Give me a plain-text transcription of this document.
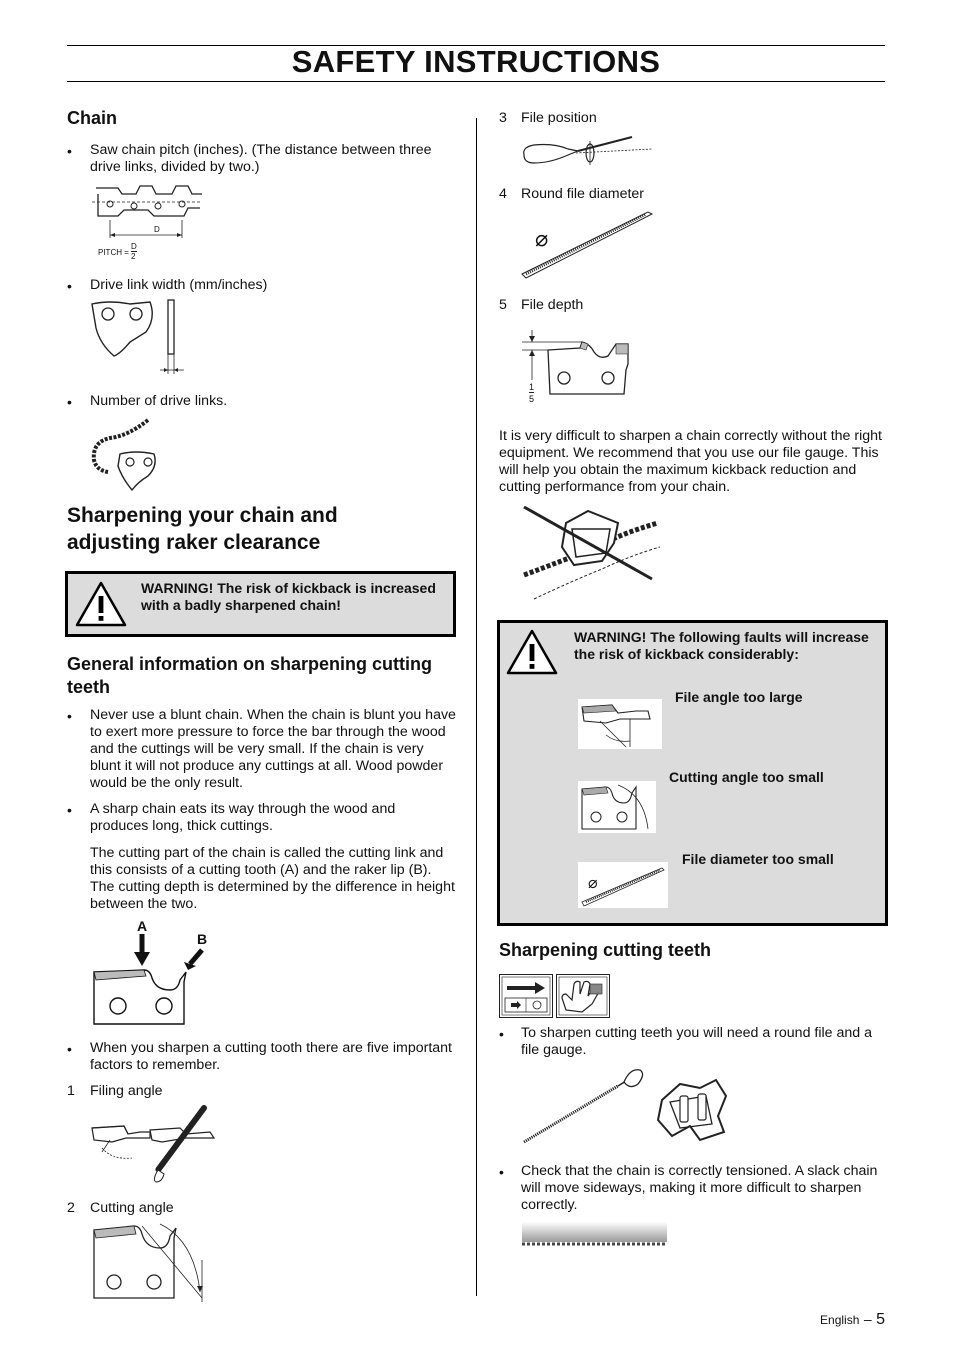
SAFETY INSTRUCTIONS
Chain
• Saw chain pitch (inches). (The distance between three drive links, divided by two.)
D
PITCH =
D
2
• Drive link width (mm/inches)
• Number of drive links.
Sharpening your chain and
adjusting raker clearance
WARNING! The risk of kickback is increased with a badly sharpened chain!
General information on sharpening cutting teeth
• Never use a blunt chain. When the chain is blunt you have to exert more pressure to force the bar through the wood and the cuttings will be very small. If the chain is very blunt it will not produce any cuttings at all. Wood powder would be the only result.
• A sharp chain eats its way through the wood and produces long, thick cuttings.
The cutting part of the chain is called the cutting link and this consists of a cutting tooth (A) and the raker lip (B). The cutting depth is determined by the difference in height between the two.
A
B
• When you sharpen a cutting tooth there are five important factors to remember.
1 Filing angle
2 Cutting angle
3 File position
4 Round file diameter
⌀
5 File depth
1
5
It is very difficult to sharpen a chain correctly without the right equipment. We recommend that you use our file gauge. This will help you obtain the maximum kickback reduction and cutting performance from your chain.
WARNING! The following faults will increase the risk of kickback considerably:
File angle too large
Cutting angle too small
⌀
File diameter too small
Sharpening cutting teeth
• To sharpen cutting teeth you will need a round file and a file gauge.
• Check that the chain is correctly tensioned. A slack chain will move sideways, making it more difficult to sharpen correctly.
English – 5
